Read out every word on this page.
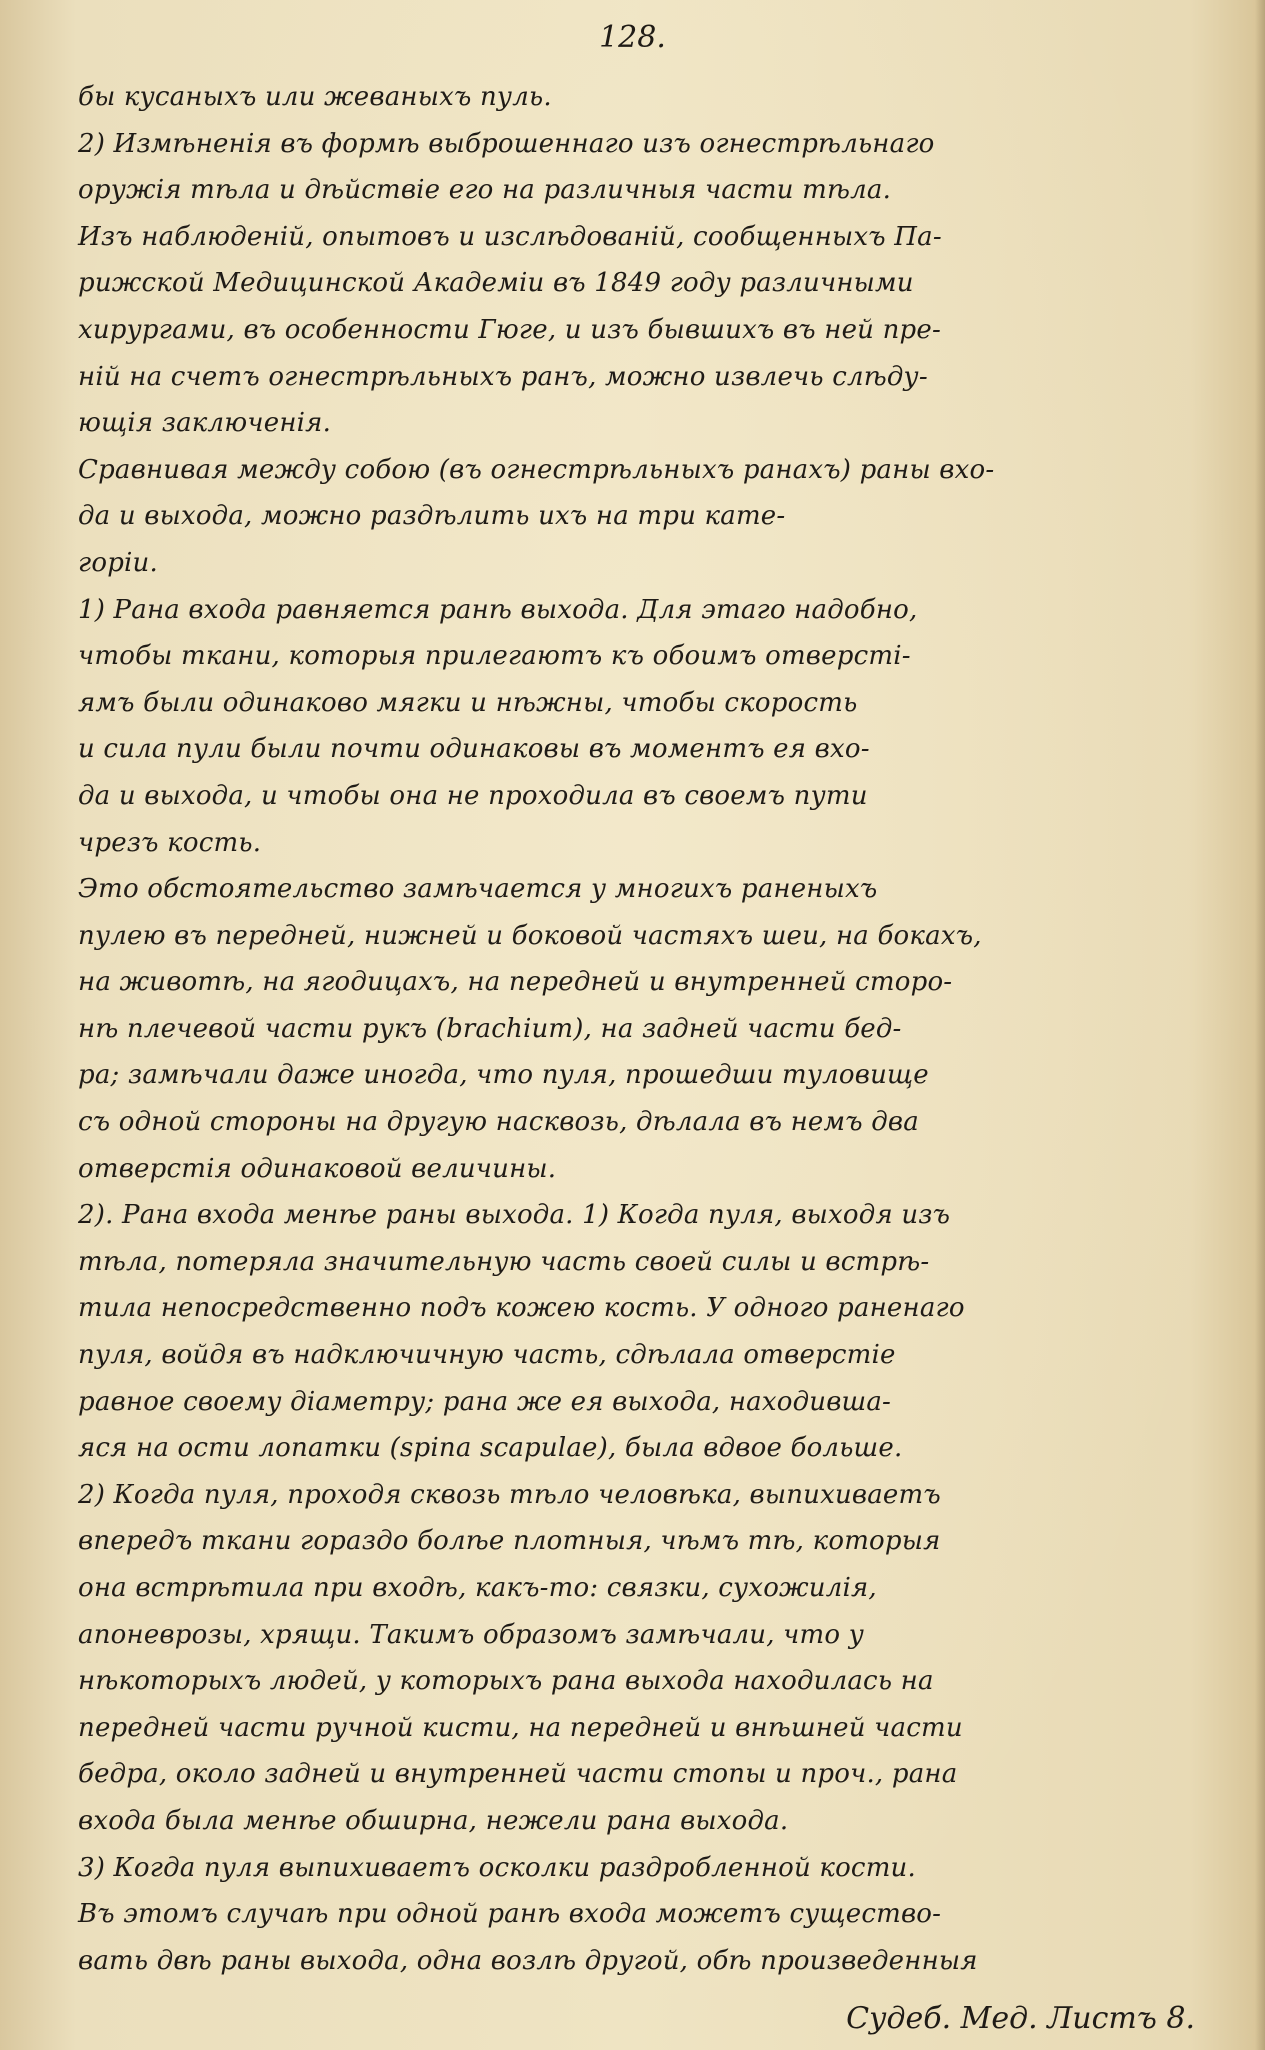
128.
бы кусаныхъ или жеваныхъ пуль.
2) Измѣненія въ формѣ выброшеннаго изъ огнестрѣльнаго
оружія тѣла и дѣйствіе его на различныя части тѣла.
Изъ наблюденій, опытовъ и изслѣдованій, сообщенныхъ Па-
рижской Медицинской Академіи въ 1849 году различными
хирургами, въ особенности Гюге, и изъ бывшихъ въ ней пре-
ній на счетъ огнестрѣльныхъ ранъ, можно извлечь слѣду-
ющія заключенія.
Сравнивая между собою (въ огнестрѣльныхъ ранахъ) раны вхо-
да и выхода, можно раздѣлить ихъ на три кате-
горіи.
1) Рана входа равняется ранѣ выхода. Для этаго надобно,
чтобы ткани, которыя прилегаютъ къ обоимъ отверсті-
ямъ были одинаково мягки и нѣжны, чтобы скорость
и сила пули были почти одинаковы въ моментъ ея вхо-
да и выхода, и чтобы она не проходила въ своемъ пути
чрезъ кость.
Это обстоятельство замѣчается у многихъ раненыхъ
пулею въ передней, нижней и боковой частяхъ шеи, на бокахъ,
на животѣ, на ягодицахъ, на передней и внутренней сторо-
нѣ плечевой части рукъ (brachium), на задней части бед-
ра; замѣчали даже иногда, что пуля, прошедши туловище
съ одной стороны на другую насквозь, дѣлала въ немъ два
отверстія одинаковой величины.
2). Рана входа менѣе раны выхода. 1) Когда пуля, выходя изъ
тѣла, потеряла значительную часть своей силы и встрѣ-
тила непосредственно подъ кожею кость. У одного раненаго
пуля, войдя въ надключичную часть, сдѣлала отверстіе
равное своему діаметру; рана же ея выхода, находивша-
яся на ости лопатки (spina scapulae), была вдвое больше.
2) Когда пуля, проходя сквозь тѣло человѣка, выпихиваетъ
впередъ ткани гораздо болѣе плотныя, чѣмъ тѣ, которыя
она встрѣтила при входѣ, какъ-то: связки, сухожилія,
апоневрозы, хрящи. Такимъ образомъ замѣчали, что у
нѣкоторыхъ людей, у которыхъ рана выхода находилась на
передней части ручной кисти, на передней и внѣшней части
бедра, около задней и внутренней части стопы и проч., рана
входа была менѣе обширна, нежели рана выхода.
3) Когда пуля выпихиваетъ осколки раздробленной кости.
Въ этомъ случаѣ при одной ранѣ входа можетъ существо-
вать двѣ раны выхода, одна возлѣ другой, обѣ произведенныя
Судеб. Мед. Листъ 8.
